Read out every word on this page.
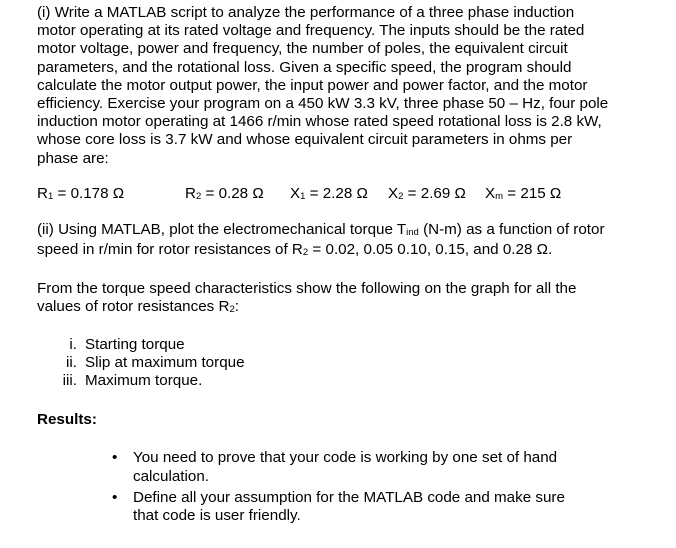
(i) Write a MATLAB script to analyze the performance of a three phase induction motor operating at its rated voltage and frequency. The inputs should be the rated motor voltage, power and frequency, the number of poles, the equivalent circuit parameters, and the rotational loss. Given a specific speed, the program should calculate the motor output power, the input power and power factor, and the motor efficiency. Exercise your program on a 450 kW 3.3 kV, three phase 50 – Hz, four pole induction motor operating at 1466 r/min whose rated speed rotational loss is 2.8 kW, whose core loss is 3.7 kW and whose equivalent circuit parameters in ohms per phase are:

$R_1 = 0.178$ Ω	$R_2 = 0.28$ Ω $X_1 = 2.28$ Ω $X_2 = 2.69$ Ω $X_m = 215$ Ω

(ii) Using MATLAB, plot the electromechanical torque $T_{ind}$ (N-m) as a function of rotor speed in r/min for rotor resistances of $R_2 = 0.02$, 0.05 0.10, 0.15, and 0.28 Ω.

From the torque speed characteristics show the following on the graph for all the values of rotor resistances $R_2$:

i. Starting torque
ii. Slip at maximum torque
iii. Maximum torque.

Results:

• You need to prove that your code is working by one set of hand calculation.
• Define all your assumption for the MATLAB code and make sure that code is user friendly.
